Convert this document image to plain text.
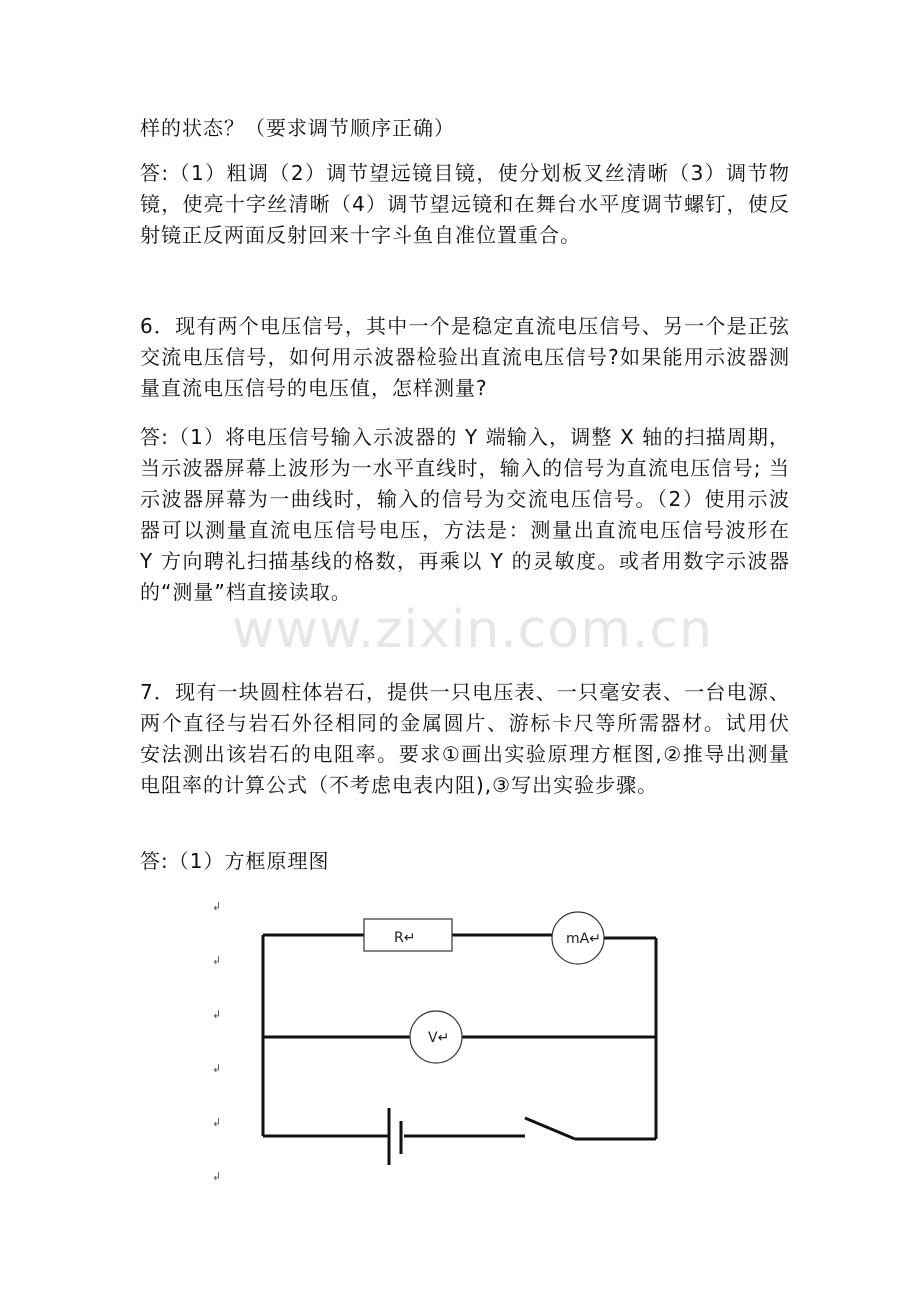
样的状态？（要求调节顺序正确）

答:（1）粗调（2）调节望远镜目镜，使分划板叉丝清晰（3）调节物镜，使亮十字丝清晰（4）调节望远镜和在舞台水平度调节螺钉，使反射镜正反两面反射回来十字斗鱼自准位置重合。

6．现有两个电压信号，其中一个是稳定直流电压信号、另一个是正弦交流电压信号，如何用示波器检验出直流电压信号?如果能用示波器测量直流电压信号的电压值，怎样测量?

答:（1）将电压信号输入示波器的 Y 端输入，调整 X 轴的扫描周期，当示波器屏幕上波形为一水平直线时，输入的信号为直流电压信号; 当示波器屏幕为一曲线时，输入的信号为交流电压信号。（2）使用示波器可以测量直流电压信号电压，方法是：测量出直流电压信号波形在 Y 方向聘礼扫描基线的格数，再乘以 Y 的灵敏度。或者用数字示波器的“测量”档直接读取。

www.zixin.com.cn

7．现有一块圆柱体岩石，提供一只电压表、一只毫安表、一台电源、两个直径与岩石外径相同的金属圆片、游标卡尺等所需器材。试用伏安法测出该岩石的电阻率。要求①画出实验原理方框图,②推导出测量电阻率的计算公式（不考虑电表内阻),③写出实验步骤。

答:（1）方框原理图

↲
↲
↲
↲
↲
↲
R↵	mA↵
V↵
